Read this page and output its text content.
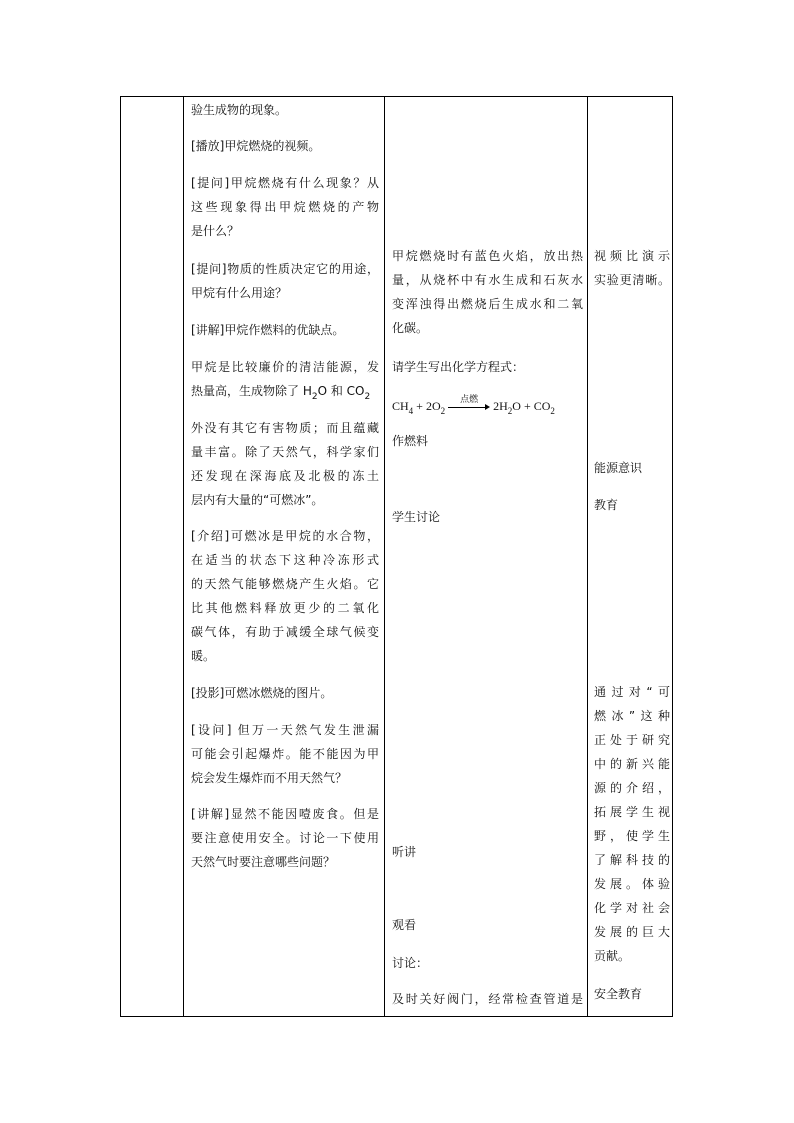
验生成物的现象。

[播放]甲烷燃烧的视频。

[提问]甲烷燃烧有什么现象？从

这些现象得出甲烷燃烧的产物

是什么？

[提问]物质的性质决定它的用途，

甲烷有什么用途？

[讲解]甲烷作燃料的优缺点。

甲烷是比较廉价的清洁能源，发

热量高，生成物除了 $H_2O$ 和 $CO_2$

外没有其它有害物质；而且蕴藏

量丰富。除了天然气，科学家们

还发现在深海底及北极的冻土

层内有大量的“可燃冰”。

[介绍]可燃冰是甲烷的水合物，

在适当的状态下这种冷冻形式

的天然气能够燃烧产生火焰。它

比其他燃料释放更少的二氧化

碳气体，有助于减缓全球气候变

暖。

[投影]可燃冰燃烧的图片。

[设问] 但万一天然气发生泄漏

可能会引起爆炸。能不能因为甲

烷会发生爆炸而不用天然气？

[讲解]显然不能因噎废食。但是

要注意使用安全。讨论一下使用

天然气时要注意哪些问题？

甲烷燃烧时有蓝色火焰，放出热

量，从烧杯中有水生成和石灰水

变浑浊得出燃烧后生成水和二氧

化碳。

请学生写出化学方程式：

$CH_4 + 2O_2$
点燃 $2H_2O + CO_2$

作燃料

学生讨论

听讲

观看

讨论：

及时关好阀门，经常检查管道是

视频比演示

实验更清晰。

能源意识

教育

通过对“可

燃冰”这种

正处于研究

中的新兴能

源的介绍，

拓展学生视

野，使学生

了解科技的

发展。体验

化学对社会

发展的巨大

贡献。

安全教育
